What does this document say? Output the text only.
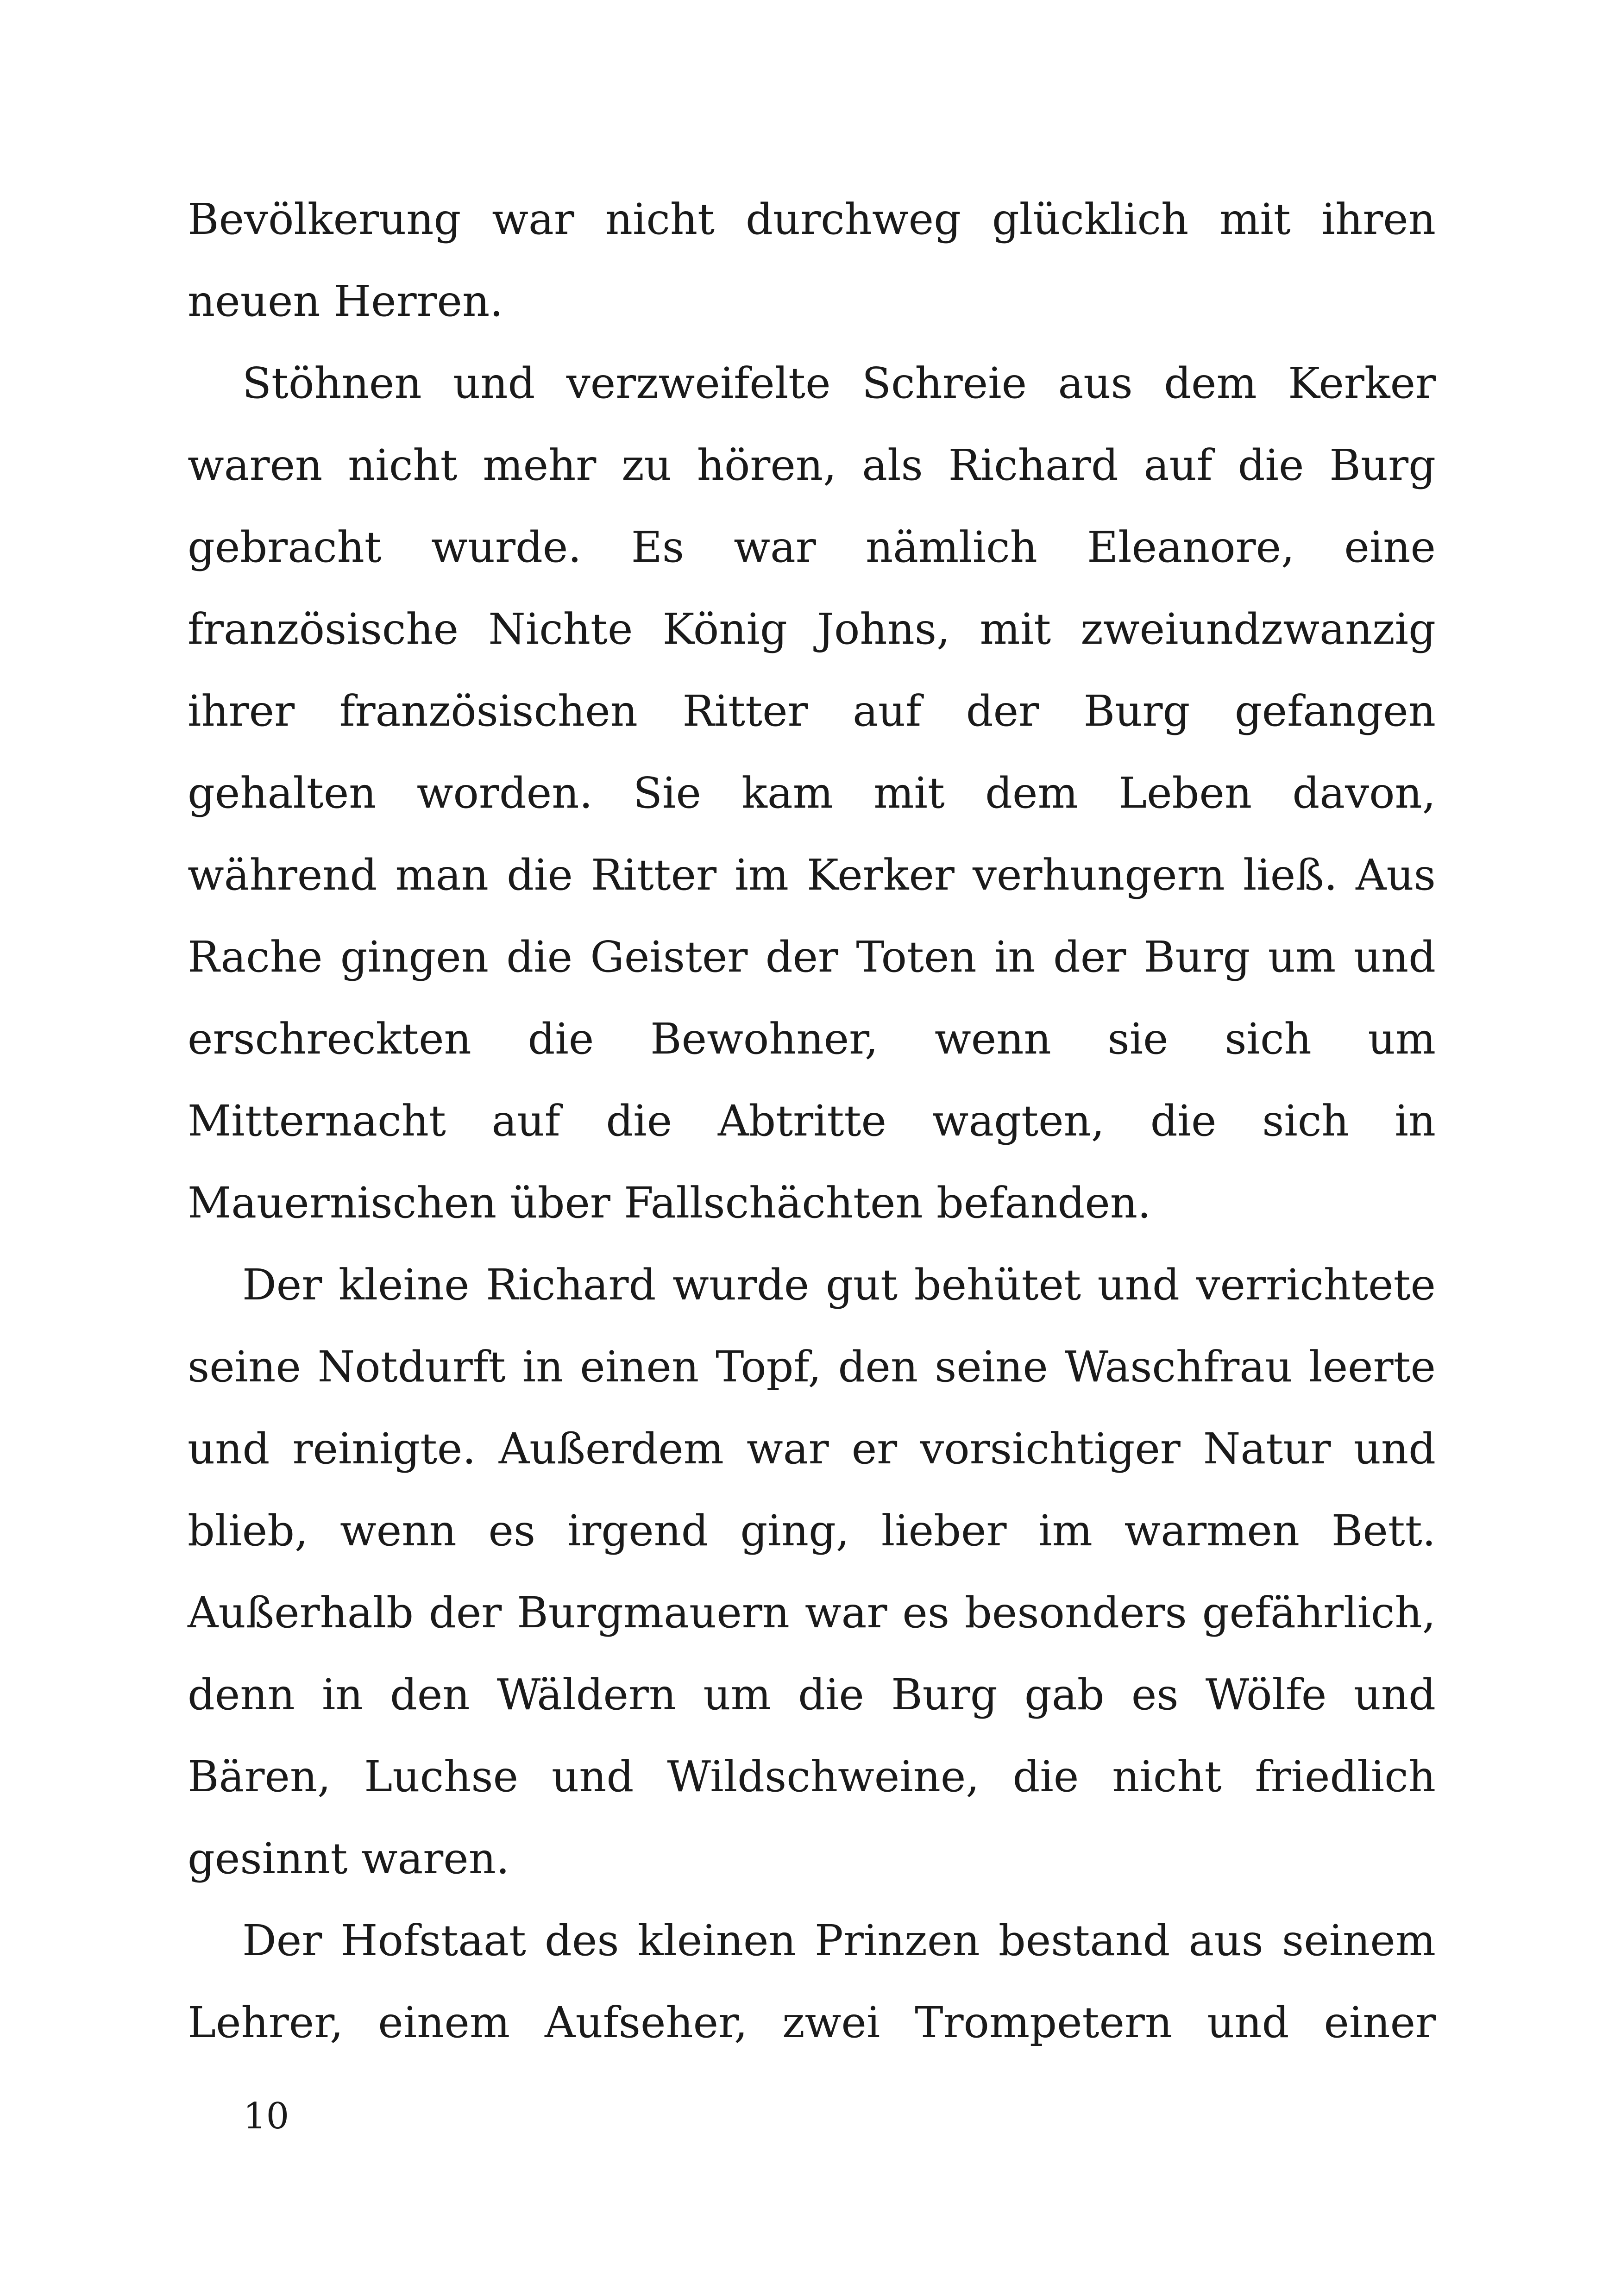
Bevölkerung war nicht durchweg glücklich mit ihren neuen Herren.

Stöhnen und verzweifelte Schreie aus dem Kerker waren nicht mehr zu hören, als Richard auf die Burg gebracht wurde. Es war nämlich Eleanore, eine französische Nichte König Johns, mit zweiundzwanzig ihrer französischen Ritter auf der Burg gefangen gehalten worden. Sie kam mit dem Leben davon, während man die Ritter im Kerker verhungern ließ. Aus Rache gingen die Geister der Toten in der Burg um und erschreckten die Bewohner, wenn sie sich um Mitternacht auf die Abtritte wagten, die sich in Mauernischen über Fallschächten befanden.

Der kleine Richard wurde gut behütet und verrichtete seine Notdurft in einen Topf, den seine Waschfrau leerte und reinigte. Außerdem war er vorsichtiger Natur und blieb, wenn es irgend ging, lieber im warmen Bett. Außerhalb der Burgmauern war es besonders gefährlich, denn in den Wäldern um die Burg gab es Wölfe und Bären, Luchse und Wildschweine, die nicht friedlich gesinnt waren.

Der Hofstaat des kleinen Prinzen bestand aus seinem Lehrer, einem Aufseher, zwei Trompetern und einer

10
